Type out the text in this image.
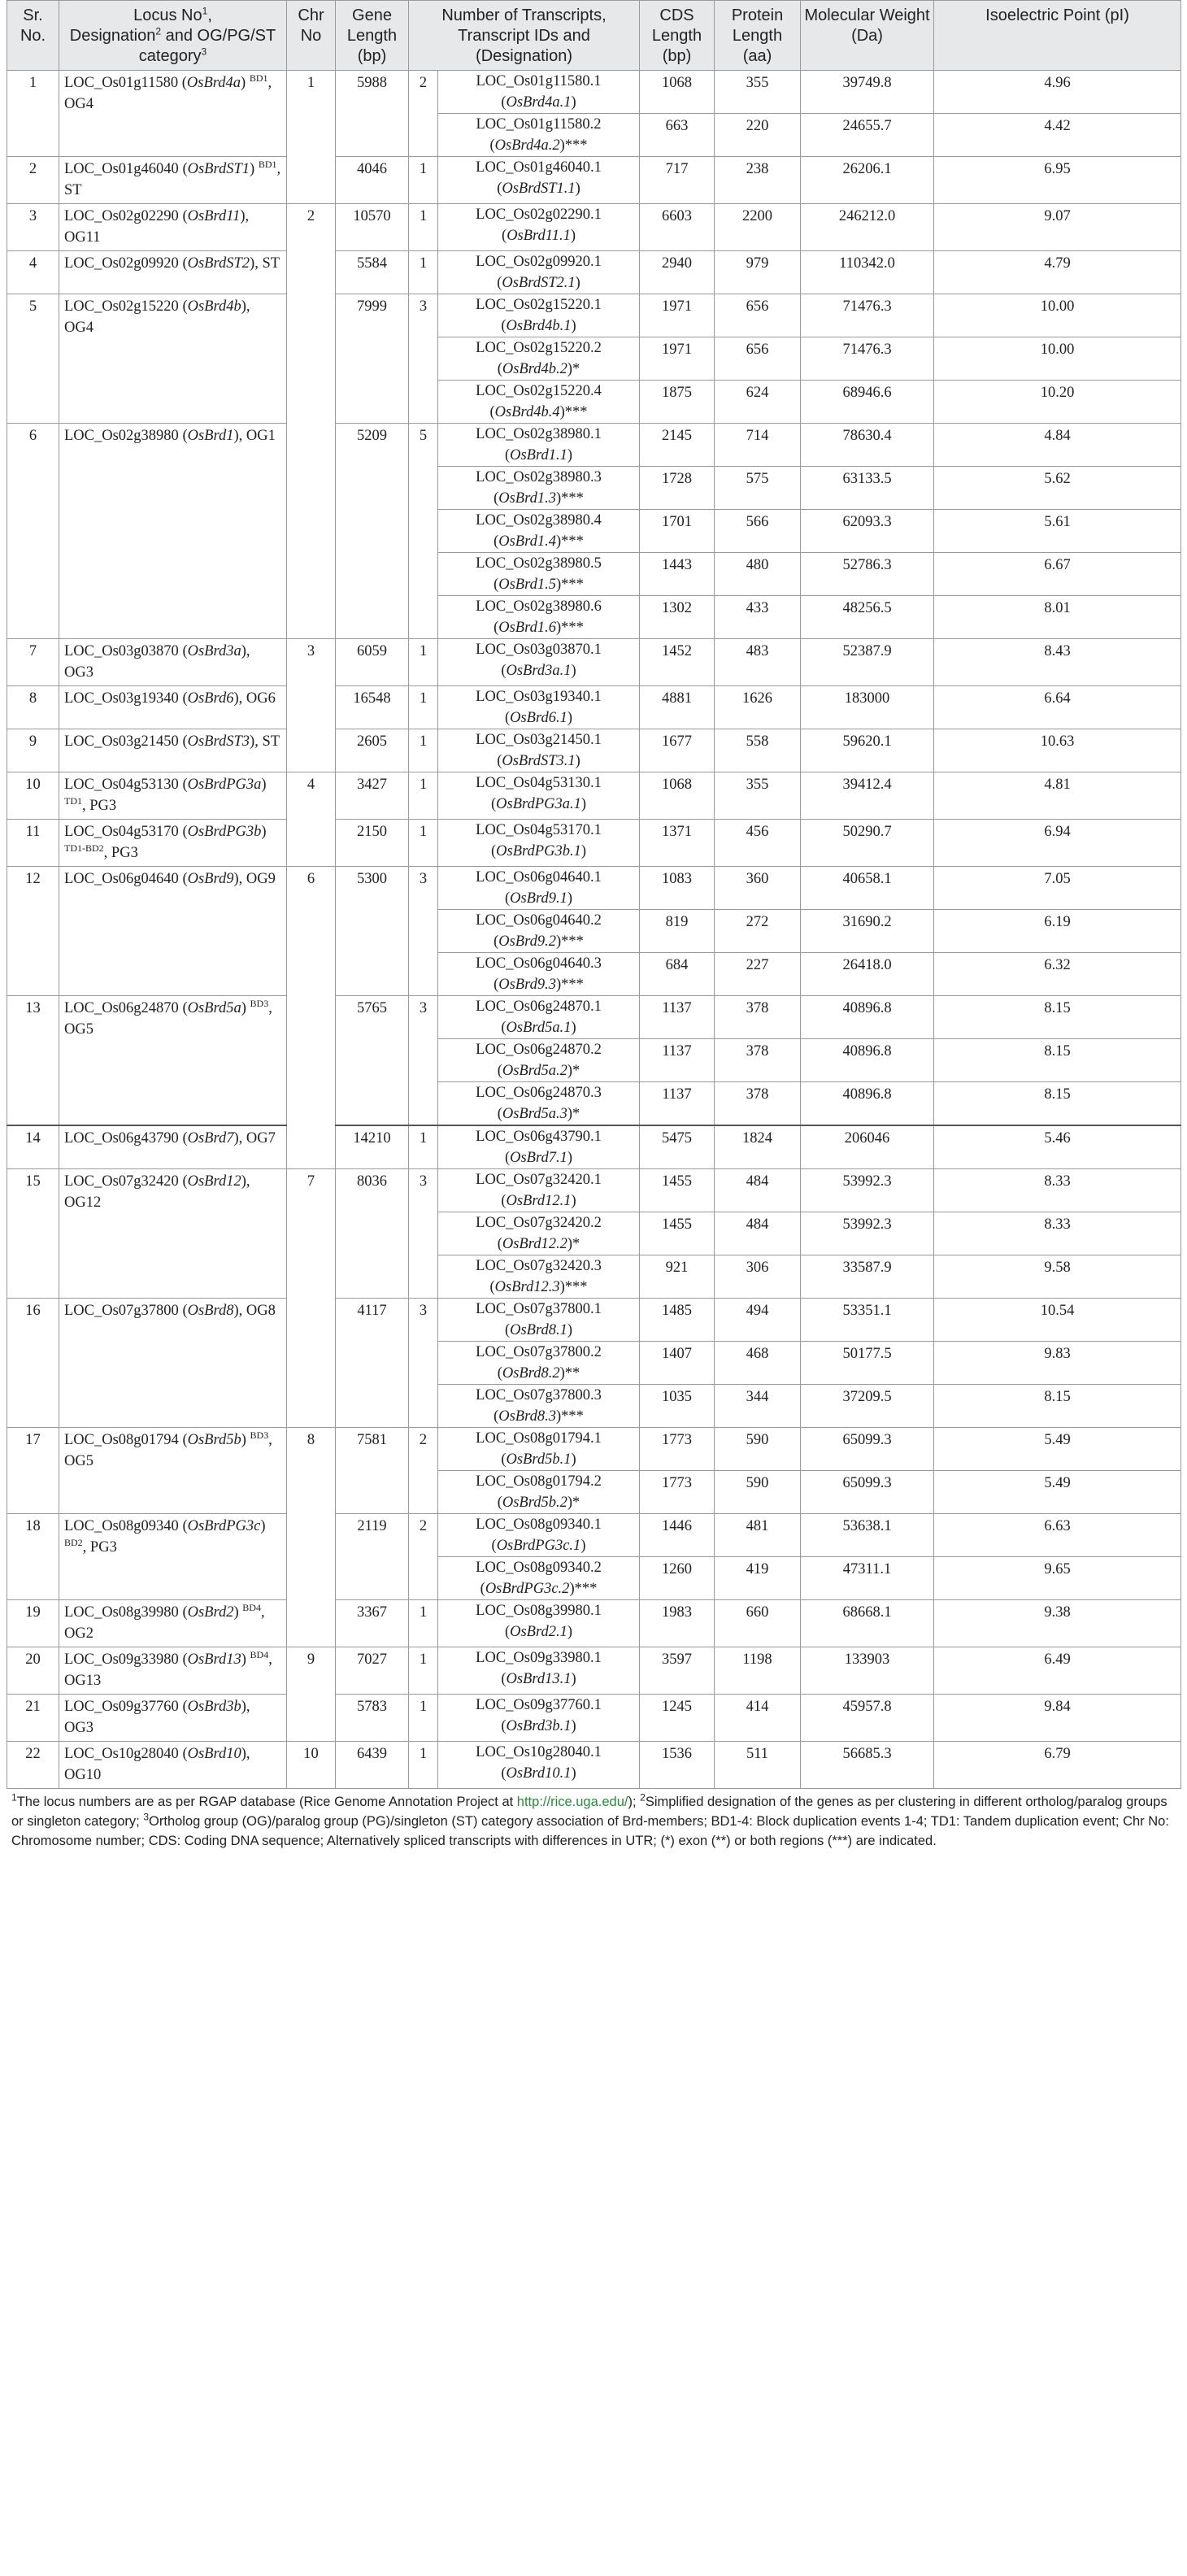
Sr. No.	Locus No$^1$,
Designation$^2$ and OG/PG/ST category$^3$	Chr No	Gene Length (bp)	Number of Transcripts, Transcript IDs and (Designation)		CDS Length (bp)	Protein Length (aa)	Molecular Weight (Da)	Isoelectric Point (pI)
1	LOC_Os01g11580 (OsBrd4a) $^{BD1}$, OG4	1	5988	2	LOC_Os01g11580.1
(OsBrd4a.1)	1068	355	39749.8	4.96
					LOC_Os01g11580.2
(OsBrd4a.2)***	663	220	24655.7	4.42
2	LOC_Os01g46040 (OsBrdST1) $^{BD1}$, ST		4046	1	LOC_Os01g46040.1
(OsBrdST1.1)	717	238	26206.1	6.95
3	LOC_Os02g02290 (OsBrd11), OG11	2	10570	1	LOC_Os02g02290.1
(OsBrd11.1)	6603	2200	246212.0	9.07
4	LOC_Os02g09920 (OsBrdST2), ST		5584	1	LOC_Os02g09920.1
(OsBrdST2.1)	2940	979	110342.0	4.79
5	LOC_Os02g15220 (OsBrd4b), OG4		7999	3	LOC_Os02g15220.1
(OsBrd4b.1)	1971	656	71476.3	10.00
					LOC_Os02g15220.2
(OsBrd4b.2)*	1971	656	71476.3	10.00
					LOC_Os02g15220.4
(OsBrd4b.4)***	1875	624	68946.6	10.20
6	LOC_Os02g38980 (OsBrd1), OG1		5209	5	LOC_Os02g38980.1
(OsBrd1.1)	2145	714	78630.4	4.84
					LOC_Os02g38980.3
(OsBrd1.3)***	1728	575	63133.5	5.62
					LOC_Os02g38980.4
(OsBrd1.4)***	1701	566	62093.3	5.61
					LOC_Os02g38980.5
(OsBrd1.5)***	1443	480	52786.3	6.67
					LOC_Os02g38980.6
(OsBrd1.6)***	1302	433	48256.5	8.01
7	LOC_Os03g03870 (OsBrd3a), OG3	3	6059	1	LOC_Os03g03870.1
(OsBrd3a.1)	1452	483	52387.9	8.43
8	LOC_Os03g19340 (OsBrd6), OG6		16548	1	LOC_Os03g19340.1
(OsBrd6.1)	4881	1626	183000	6.64
9	LOC_Os03g21450 (OsBrdST3), ST		2605	1	LOC_Os03g21450.1
(OsBrdST3.1)	1677	558	59620.1	10.63
10	LOC_Os04g53130 (OsBrdPG3a) $^{TD1}$, PG3	4	3427	1	LOC_Os04g53130.1
(OsBrdPG3a.1)	1068	355	39412.4	4.81
11	LOC_Os04g53170 (OsBrdPG3b) $^{TD1-BD2}$, PG3		2150	1	LOC_Os04g53170.1
(OsBrdPG3b.1)	1371	456	50290.7	6.94
12	LOC_Os06g04640 (OsBrd9), OG9	6	5300	3	LOC_Os06g04640.1
(OsBrd9.1)	1083	360	40658.1	7.05
					LOC_Os06g04640.2
(OsBrd9.2)***	819	272	31690.2	6.19
					LOC_Os06g04640.3
(OsBrd9.3)***	684	227	26418.0	6.32
13	LOC_Os06g24870 (OsBrd5a) $^{BD3}$, OG5		5765	3	LOC_Os06g24870.1
(OsBrd5a.1)	1137	378	40896.8	8.15
					LOC_Os06g24870.2
(OsBrd5a.2)*	1137	378	40896.8	8.15
					LOC_Os06g24870.3
(OsBrd5a.3)*	1137	378	40896.8	8.15
14	LOC_Os06g43790 (OsBrd7), OG7		14210	1	LOC_Os06g43790.1
(OsBrd7.1)	5475	1824	206046	5.46
15	LOC_Os07g32420 (OsBrd12), OG12	7	8036	3	LOC_Os07g32420.1
(OsBrd12.1)	1455	484	53992.3	8.33
					LOC_Os07g32420.2
(OsBrd12.2)*	1455	484	53992.3	8.33
					LOC_Os07g32420.3
(OsBrd12.3)***	921	306	33587.9	9.58
16	LOC_Os07g37800 (OsBrd8), OG8		4117	3	LOC_Os07g37800.1
(OsBrd8.1)	1485	494	53351.1	10.54
					LOC_Os07g37800.2
(OsBrd8.2)**	1407	468	50177.5	9.83
					LOC_Os07g37800.3
(OsBrd8.3)***	1035	344	37209.5	8.15
17	LOC_Os08g01794 (OsBrd5b) $^{BD3}$, OG5	8	7581	2	LOC_Os08g01794.1
(OsBrd5b.1)	1773	590	65099.3	5.49
					LOC_Os08g01794.2
(OsBrd5b.2)*	1773	590	65099.3	5.49
18	LOC_Os08g09340 (OsBrdPG3c) $^{BD2}$, PG3		2119	2	LOC_Os08g09340.1
(OsBrdPG3c.1)	1446	481	53638.1	6.63
					LOC_Os08g09340.2
(OsBrdPG3c.2)***	1260	419	47311.1	9.65
19	LOC_Os08g39980 (OsBrd2) $^{BD4}$, OG2		3367	1	LOC_Os08g39980.1
(OsBrd2.1)	1983	660	68668.1	9.38
20	LOC_Os09g33980 (OsBrd13) $^{BD4}$, OG13	9	7027	1	LOC_Os09g33980.1
(OsBrd13.1)	3597	1198	133903	6.49
21	LOC_Os09g37760 (OsBrd3b), OG3		5783	1	LOC_Os09g37760.1
(OsBrd3b.1)	1245	414	45957.8	9.84
22	LOC_Os10g28040 (OsBrd10), OG10	10	6439	1	LOC_Os10g28040.1
(OsBrd10.1)	1536	511	56685.3	6.79
$^1$The locus numbers are as per RGAP database (Rice Genome Annotation Project at http://rice.uga.edu/); $^2$Simplified designation of the genes as per clustering in different ortholog/paralog groups or singleton category; $^3$Ortholog group (OG)/paralog group (PG)/singleton (ST) category association of Brd-members; BD1-4: Block duplication events 1-4; TD1: Tandem duplication event; Chr No: Chromosome number; CDS: Coding DNA sequence; Alternatively spliced transcripts with differences in UTR; (*) exon (**) or both regions (***) are indicated.
